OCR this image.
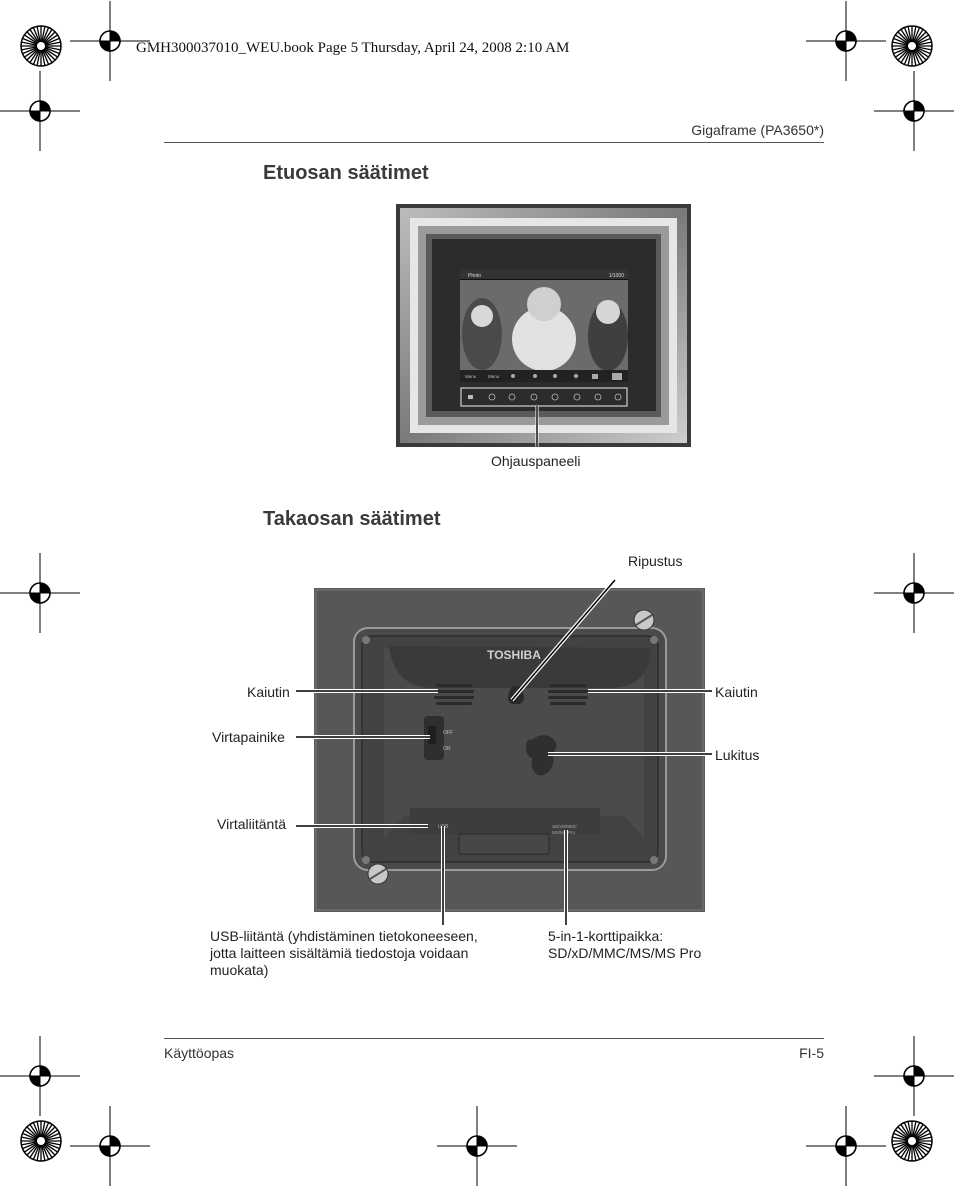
GMH300037010_WEU.book Page 5 Thursday, April 24, 2008 2:10 AM
Gigaframe (PA3650*)
Etuosan säätimet
Photo	1/1000
Menu	Menu
Ohjauspaneeli
Takaosan säätimet
TOSHIBA
OFF
ON
DC USB	SD/xD/MMC
MS/MS Pro
Ripustus
Kaiutin	Kaiutin
Virtapainike
Lukitus
Virtaliitäntä
USB-liitäntä (yhdistäminen tietokoneeseen,
jotta laitteen sisältämiä tiedostoja voidaan
muokata)
5-in-1-korttipaikka:
SD/xD/MMC/MS/MS Pro
Käyttöopas	FI-5
